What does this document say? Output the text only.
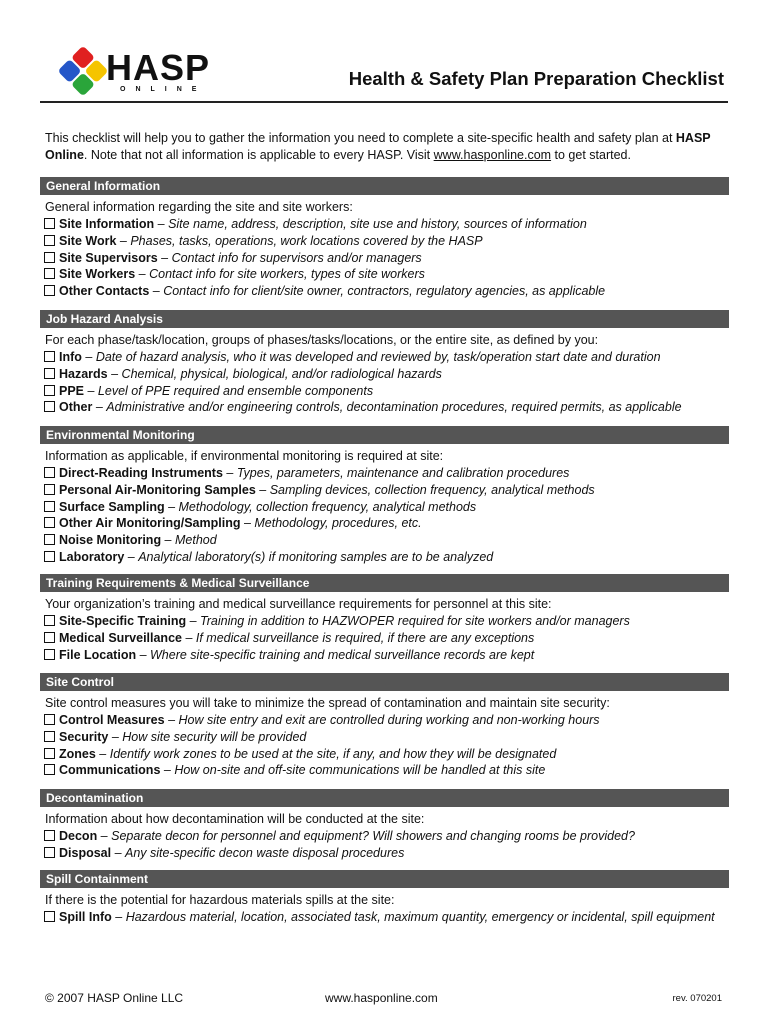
HASP
ONLINE
Health & Safety Plan Preparation Checklist
This checklist will help you to gather the information you need to complete a site-specific health and safety plan at HASP Online. Note that not all information is applicable to every HASP. Visit www.hasponline.com to get started.
General Information
General information regarding the site and site workers:
Site Information – Site name, address, description, site use and history, sources of information
Site Work – Phases, tasks, operations, work locations covered by the HASP
Site Supervisors – Contact info for supervisors and/or managers
Site Workers – Contact info for site workers, types of site workers
Other Contacts – Contact info for client/site owner, contractors, regulatory agencies, as applicable
Job Hazard Analysis
For each phase/task/location, groups of phases/tasks/locations, or the entire site, as defined by you:
Info – Date of hazard analysis, who it was developed and reviewed by, task/operation start date and duration
Hazards – Chemical, physical, biological, and/or radiological hazards
PPE – Level of PPE required and ensemble components
Other – Administrative and/or engineering controls, decontamination procedures, required permits, as applicable
Environmental Monitoring
Information as applicable, if environmental monitoring is required at site:
Direct-Reading Instruments – Types, parameters, maintenance and calibration procedures
Personal Air-Monitoring Samples – Sampling devices, collection frequency, analytical methods
Surface Sampling – Methodology, collection frequency, analytical methods
Other Air Monitoring/Sampling – Methodology, procedures, etc.
Noise Monitoring – Method
Laboratory – Analytical laboratory(s) if monitoring samples are to be analyzed
Training Requirements & Medical Surveillance
Your organization’s training and medical surveillance requirements for personnel at this site:
Site-Specific Training – Training in addition to HAZWOPER required for site workers and/or managers
Medical Surveillance – If medical surveillance is required, if there are any exceptions
File Location – Where site-specific training and medical surveillance records are kept
Site Control
Site control measures you will take to minimize the spread of contamination and maintain site security:
Control Measures – How site entry and exit are controlled during working and non-working hours
Security – How site security will be provided
Zones – Identify work zones to be used at the site, if any, and how they will be designated
Communications – How on-site and off-site communications will be handled at this site
Decontamination
Information about how decontamination will be conducted at the site:
Decon – Separate decon for personnel and equipment? Will showers and changing rooms be provided?
Disposal – Any site-specific decon waste disposal procedures
Spill Containment
If there is the potential for hazardous materials spills at the site:
Spill Info – Hazardous material, location, associated task, maximum quantity, emergency or incidental, spill equipment
© 2007 HASP Online LLC	www.hasponline.com	rev. 070201
